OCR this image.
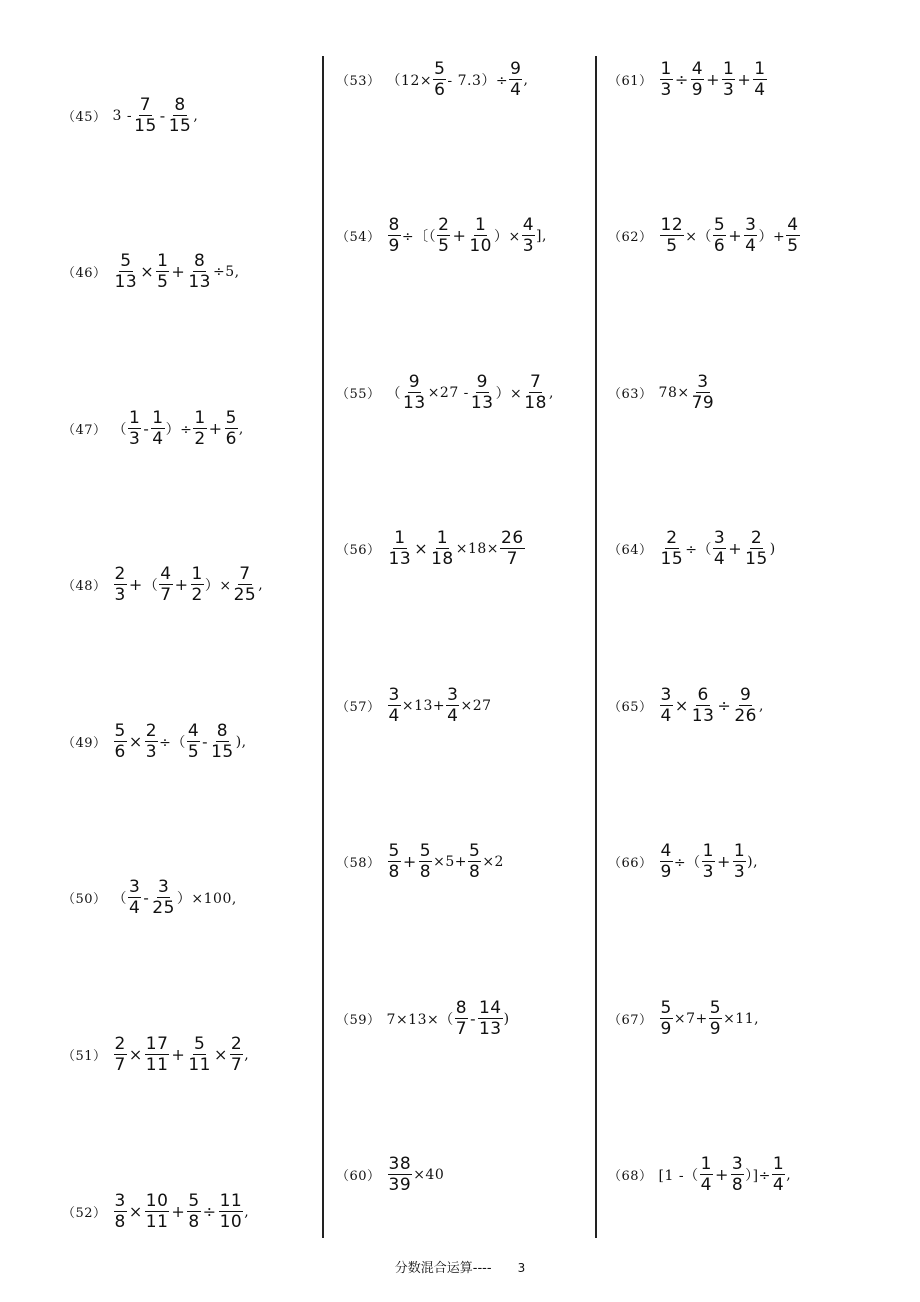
（45） $3 - \frac{7}{15} - \frac{8}{15}$ ,
$(46) \frac{5}{13} \times \frac{1}{5} + \frac{8}{13} \div 5$,
（47） （ $\frac{1}{3} - \frac{1}{4}$ ）÷ $\frac{1}{2} + \frac{5}{6}$ ,
$(48) \frac{2}{3}$ + （ $\frac{4}{7} + \frac{1}{2}$ ）× $\frac{7}{25}$ ,
$(49) \frac{5}{6} \times \frac{2}{3}$ ÷（ $\frac{4}{5} - \frac{8}{15}$ ),
（50） （ $\frac{3}{4} - \frac{3}{25} )\times 100$,
$(51) \frac{2}{7} \times \frac{17}{11} + \frac{5}{11} \times \frac{2}{7}$ ,
$(52) \frac{3}{8} \times \frac{10}{11} + \frac{5}{8} \div \frac{11}{10}$ ,
（53） $(12\times \frac{5}{6} - 7.3)\div \frac{9}{4}$ ,
$(54) \frac{8}{9}$ ÷〔（ $\frac{2}{5} + \frac{1}{10}$ ）× $\frac{4}{3}$ ],
（55） （ $\frac{9}{13} \times 27 - \frac{9}{13}$ ）× $\frac{7}{18}$ ,
$(56) \frac{1}{13} \times \frac{1}{18} \times 18\times \frac{26}{7}$
$(57) \frac{3}{4} \times 13+ \frac{3}{4} \times 27$
$(58) \frac{5}{8} + \frac{5}{8} \times 5+ \frac{5}{8} \times 2$
（59） $7\times 13\times( \frac{8}{7} - \frac{14}{13}$ )
$(60) \frac{38}{39} \times 40$
$(61) \frac{1}{3} \div \frac{4}{9} + \frac{1}{3} + \frac{1}{4}$
$(62) \frac{12}{5}$ ×（ $\frac{5}{6} + \frac{3}{4}$ ）+ $\frac{4}{5}$
（63） $78\times \frac{3}{79}$
$(64) \frac{2}{15}$ ÷（ $\frac{3}{4} + \frac{2}{15}$ )
$(65) \frac{3}{4} \times \frac{6}{13} \div \frac{9}{26}$ ,
$(66) \frac{4}{9}$ ÷（ $\frac{1}{3} + \frac{1}{3}$ ),
$(67) \frac{5}{9} \times 7+ \frac{5}{9} \times 11$,
（68） [1 -（ $\frac{1}{4} + \frac{3}{8}$ ）]÷ $\frac{1}{4}$ ,
分数混合运算---- 3
